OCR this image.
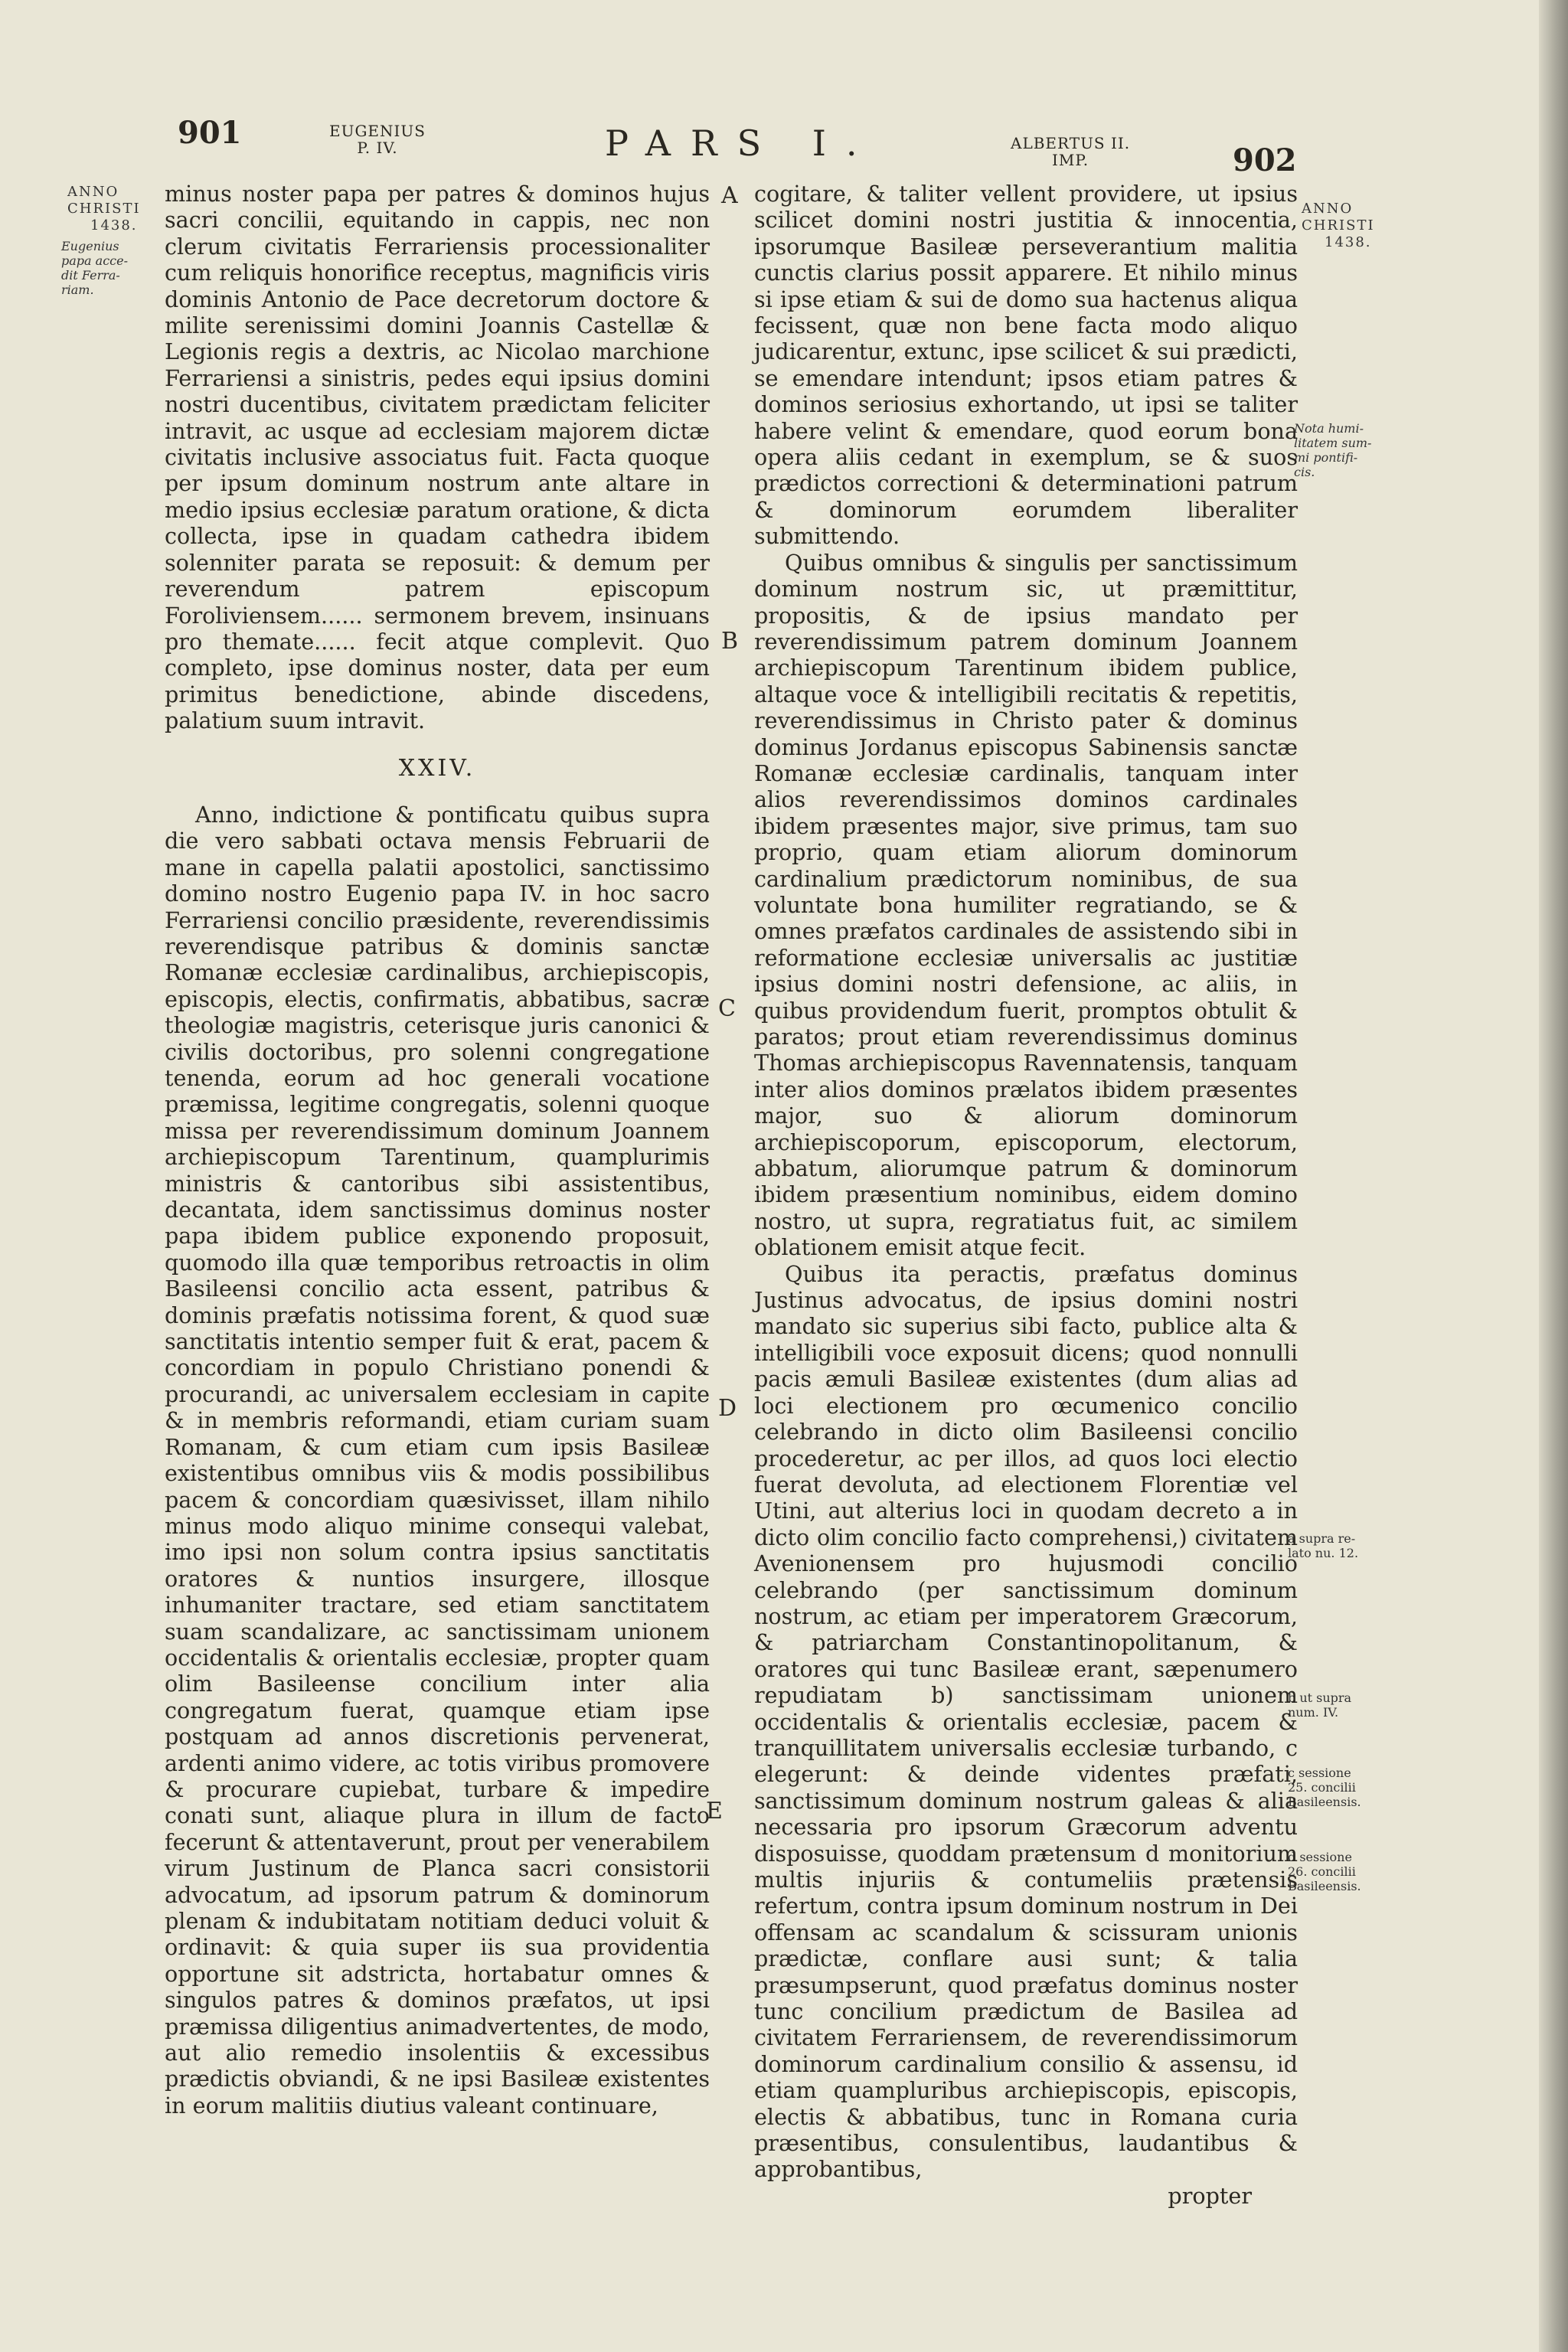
901	EUGENIUS
P. IV.	PARS I.	ALBERTUS II.
IMP.	902
ANNO
CHRISTI
1438.
Eugenius
papa acce-
dit Ferra-
riam.
ANNO
CHRISTI
1438.
Nota humi-
litatem sum-
mi pontifi-
cis.
a supra re-
lato nu. 12.
b ut supra
num. IV.
c sessione
25. concilii
Basileensis.
d sessione
26. concilii
Basileensis.
A
B
C
D
E

minus noster papa per patres & dominos hujus sacri concilii, equitando in cappis, nec non clerum civitatis Ferrariensis processionaliter cum reliquis honorifice receptus, magnificis viris dominis Antonio de Pace decretorum doctore & milite serenissimi domini Joannis Castellæ & Legionis regis a dextris, ac Nicolao marchione Ferrariensi a sinistris, pedes equi ipsius domini nostri ducentibus, civitatem prædictam feliciter intravit, ac usque ad ecclesiam majorem dictæ civitatis inclusive associatus fuit. Facta quoque per ipsum dominum nostrum ante altare in medio ipsius ecclesiæ paratum oratione, & dicta collecta, ipse in quadam cathedra ibidem solenniter parata se reposuit: & demum per reverendum patrem episcopum Foroliviensem...... sermonem brevem, insinuans pro themate...... fecit atque complevit. Quo completo, ipse dominus noster, data per eum primitus benedictione, abinde discedens, palatium suum intravit.

XXIV.

Anno, indictione & pontificatu quibus supra die vero sabbati octava mensis Februarii de mane in capella palatii apostolici, sanctissimo domino nostro Eugenio papa IV. in hoc sacro Ferrariensi concilio præsidente, reverendissimis reverendisque patribus & dominis sanctæ Romanæ ecclesiæ cardinalibus, archiepiscopis, episcopis, electis, confirmatis, abbatibus, sacræ theologiæ magistris, ceterisque juris canonici & civilis doctoribus, pro solenni congregatione tenenda, eorum ad hoc generali vocatione præmissa, legitime congregatis, solenni quoque missa per reverendissimum dominum Joannem archiepiscopum Tarentinum, quamplurimis ministris & cantoribus sibi assistentibus, decantata, idem sanctissimus dominus noster papa ibidem publice exponendo proposuit, quomodo illa quæ temporibus retroactis in olim Basileensi concilio acta essent, patribus & dominis præfatis notissima forent, & quod suæ sanctitatis intentio semper fuit & erat, pacem & concordiam in populo Christiano ponendi & procurandi, ac universalem ecclesiam in capite & in membris reformandi, etiam curiam suam Romanam, & cum etiam cum ipsis Basileæ existentibus omnibus viis & modis possibilibus pacem & concordiam quæsivisset, illam nihilo minus modo aliquo minime consequi valebat, imo ipsi non solum contra ipsius sanctitatis oratores & nuntios insurgere, illosque inhumaniter tractare, sed etiam sanctitatem suam scandalizare, ac sanctissimam unionem occidentalis & orientalis ecclesiæ, propter quam olim Basileense concilium inter alia congregatum fuerat, quamque etiam ipse postquam ad annos discretionis pervenerat, ardenti animo videre, ac totis viribus promovere & procurare cupiebat, turbare & impedire conati sunt, aliaque plura in illum de facto fecerunt & attentaverunt, prout per venerabilem virum Justinum de Planca sacri consistorii advocatum, ad ipsorum patrum & dominorum plenam & indubitatam notitiam deduci voluit & ordinavit: & quia super iis sua providentia opportune sit adstricta, hortabatur omnes & singulos patres & dominos præfatos, ut ipsi præmissa diligentius animadvertentes, de modo, aut alio remedio insolentiis & excessibus prædictis obviandi, & ne ipsi Basileæ existentes in eorum malitiis diutius valeant continuare,

cogitare, & taliter vellent providere, ut ipsius scilicet domini nostri justitia & innocentia, ipsorumque Basileæ perseverantium malitia cunctis clarius possit apparere. Et nihilo minus si ipse etiam & sui de domo sua hactenus aliqua fecissent, quæ non bene facta modo aliquo judicarentur, extunc, ipse scilicet & sui prædicti, se emendare intendunt; ipsos etiam patres & dominos seriosius exhortando, ut ipsi se taliter habere velint & emendare, quod eorum bona opera aliis cedant in exemplum, se & suos prædictos correctioni & determinationi patrum & dominorum eorumdem liberaliter submittendo.

Quibus omnibus & singulis per sanctissimum dominum nostrum sic, ut præmittitur, propositis, & de ipsius mandato per reverendissimum patrem dominum Joannem archiepiscopum Tarentinum ibidem publice, altaque voce & intelligibili recitatis & repetitis, reverendissimus in Christo pater & dominus dominus Jordanus episcopus Sabinensis sanctæ Romanæ ecclesiæ cardinalis, tanquam inter alios reverendissimos dominos cardinales ibidem præsentes major, sive primus, tam suo proprio, quam etiam aliorum dominorum cardinalium prædictorum nominibus, de sua voluntate bona humiliter regratiando, se & omnes præfatos cardinales de assistendo sibi in reformatione ecclesiæ universalis ac justitiæ ipsius domini nostri defensione, ac aliis, in quibus providendum fuerit, promptos obtulit & paratos; prout etiam reverendissimus dominus Thomas archiepiscopus Ravennatensis, tanquam inter alios dominos prælatos ibidem præsentes major, suo & aliorum dominorum archiepiscoporum, episcoporum, electorum, abbatum, aliorumque patrum & dominorum ibidem præsentium nominibus, eidem domino nostro, ut supra, regratiatus fuit, ac similem oblationem emisit atque fecit.

Quibus ita peractis, præfatus dominus Justinus advocatus, de ipsius domini nostri mandato sic superius sibi facto, publice alta & intelligibili voce exposuit dicens; quod nonnulli pacis æmuli Basileæ existentes (dum alias ad loci electionem pro œcumenico concilio celebrando in dicto olim Basileensi concilio procederetur, ac per illos, ad quos loci electio fuerat devoluta, ad electionem Florentiæ vel Utini, aut alterius loci in quodam decreto a in dicto olim concilio facto comprehensi,) civitatem Avenionensem pro hujusmodi concilio celebrando (per sanctissimum dominum nostrum, ac etiam per imperatorem Græcorum, & patriarcham Constantinopolitanum, & oratores qui tunc Basileæ erant, sæpenumero repudiatam b) sanctissimam unionem occidentalis & orientalis ecclesiæ, pacem & tranquillitatem universalis ecclesiæ turbando, c elegerunt: & deinde videntes præfati, sanctissimum dominum nostrum galeas & alia necessaria pro ipsorum Græcorum adventu disposuisse, quoddam prætensum d monitorium multis injuriis & contumeliis prætensis refertum, contra ipsum dominum nostrum in Dei offensam ac scandalum & scissuram unionis prædictæ, conflare ausi sunt; & talia præsumpserunt, quod præfatus dominus noster tunc concilium prædictum de Basilea ad civitatem Ferrariensem, de reverendissimorum dominorum cardinalium consilio & assensu, id etiam quampluribus archiepiscopis, episcopis, electis & abbatibus, tunc in Romana curia præsentibus, consulentibus, laudantibus & approbantibus,

propter
